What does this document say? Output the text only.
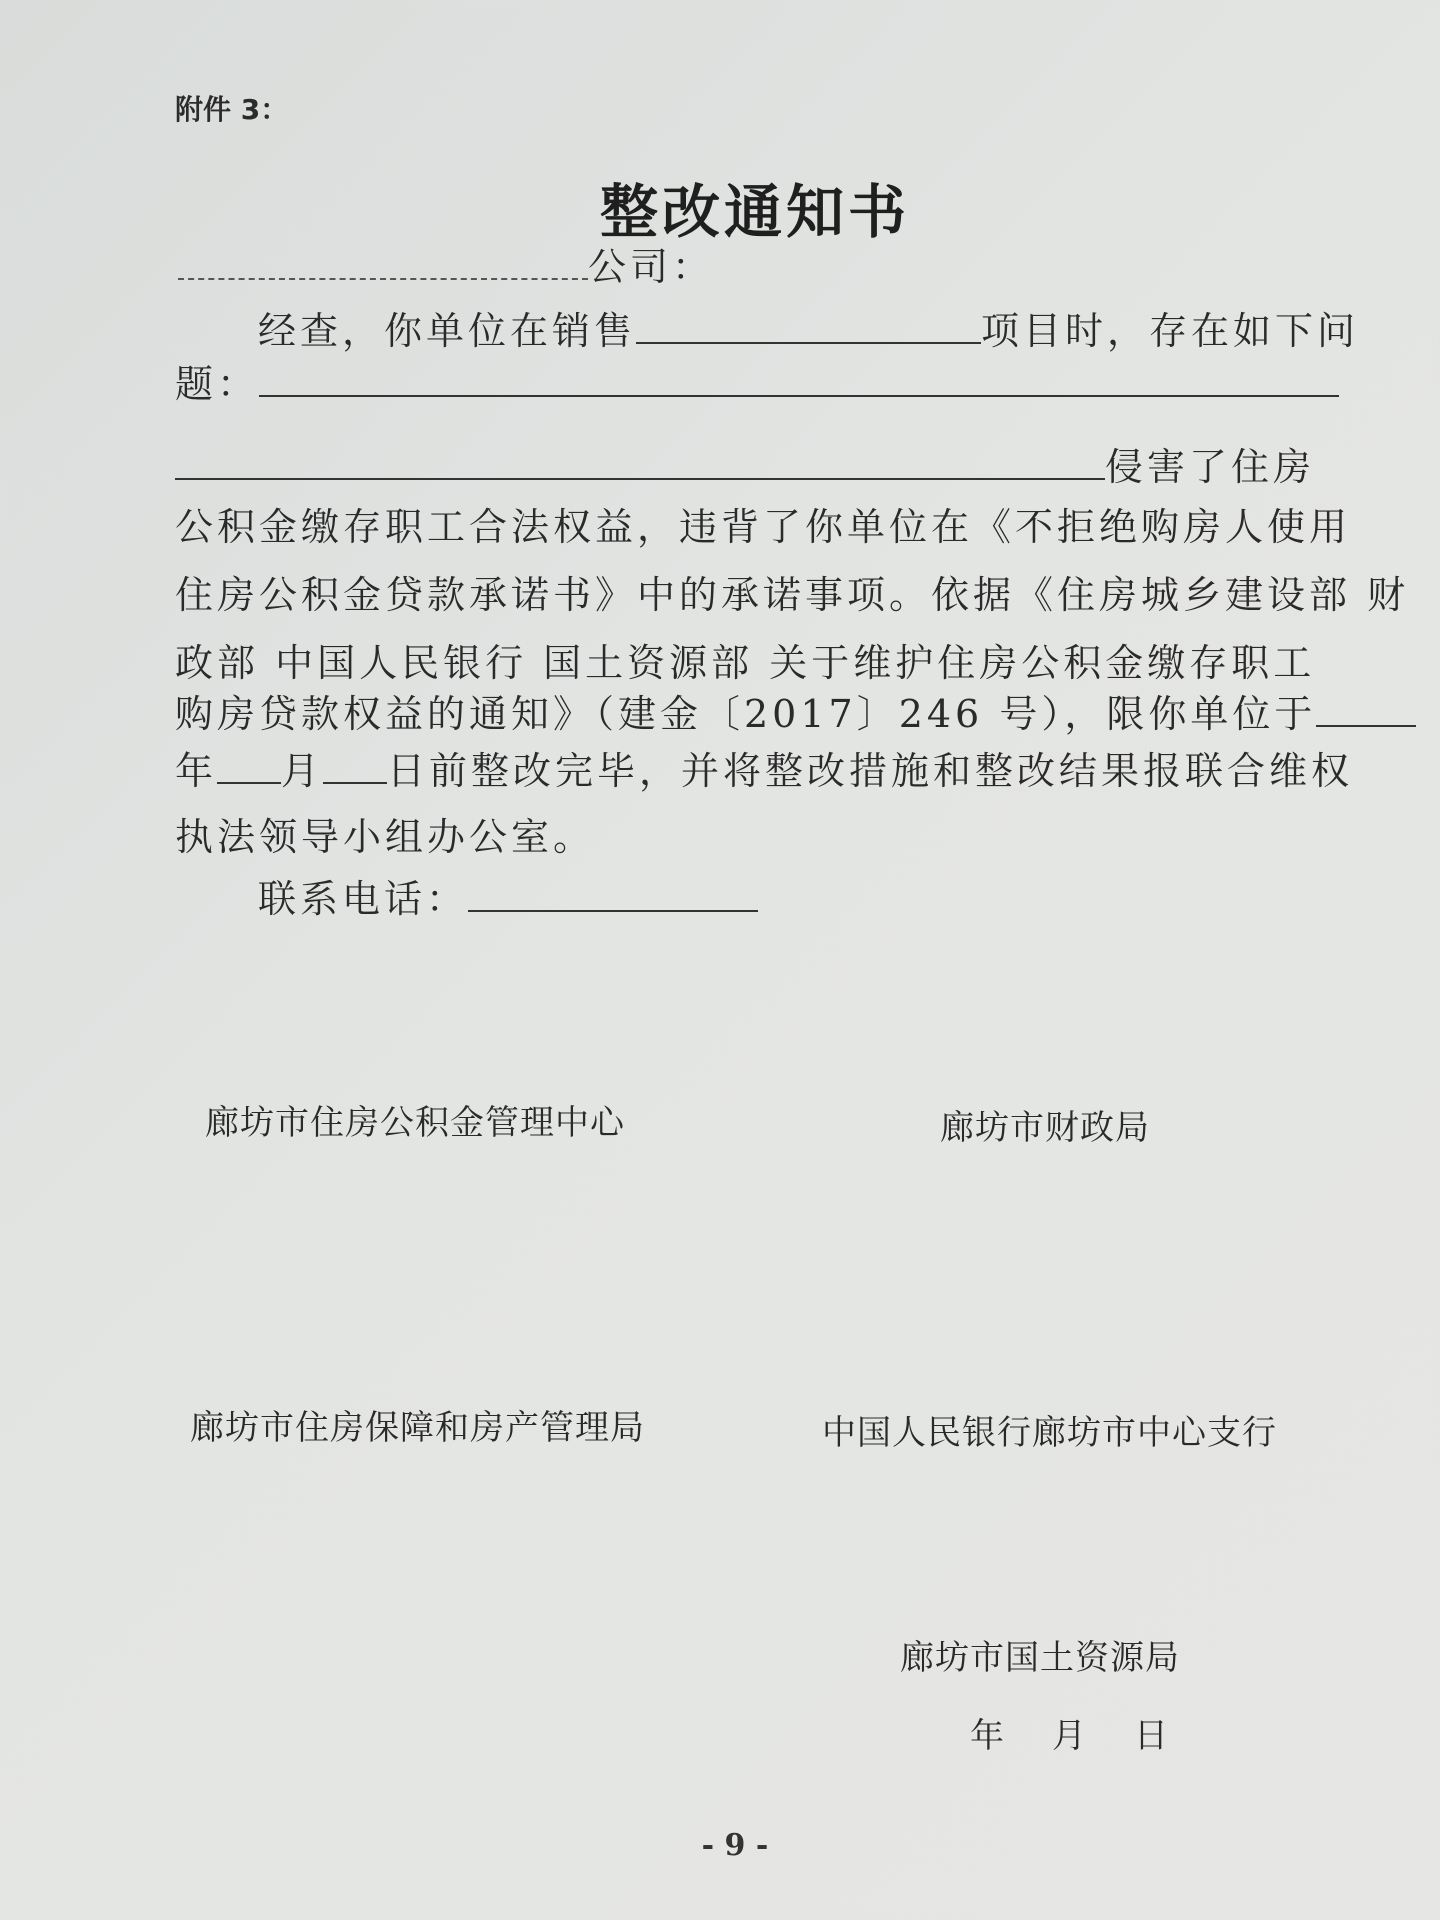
附件 3：
整改通知书
公司：
经查，你单位在销售	项目时，存在如下问
题：
侵害了住房
公积金缴存职工合法权益，违背了你单位在《不拒绝购房人使用
住房公积金贷款承诺书》中的承诺事项。依据《住房城乡建设部 财
政部 中国人民银行 国土资源部 关于维护住房公积金缴存职工
购房贷款权益的通知》（建金〔2017〕246 号），限你单位于
年 月 日前整改完毕，并将整改措施和整改结果报联合维权
执法领导小组办公室。
联系电话：
廊坊市住房公积金管理中心	廊坊市财政局
廊坊市住房保障和房产管理局	中国人民银行廊坊市中心支行
廊坊市国土资源局
年 月 日
- 9 -
